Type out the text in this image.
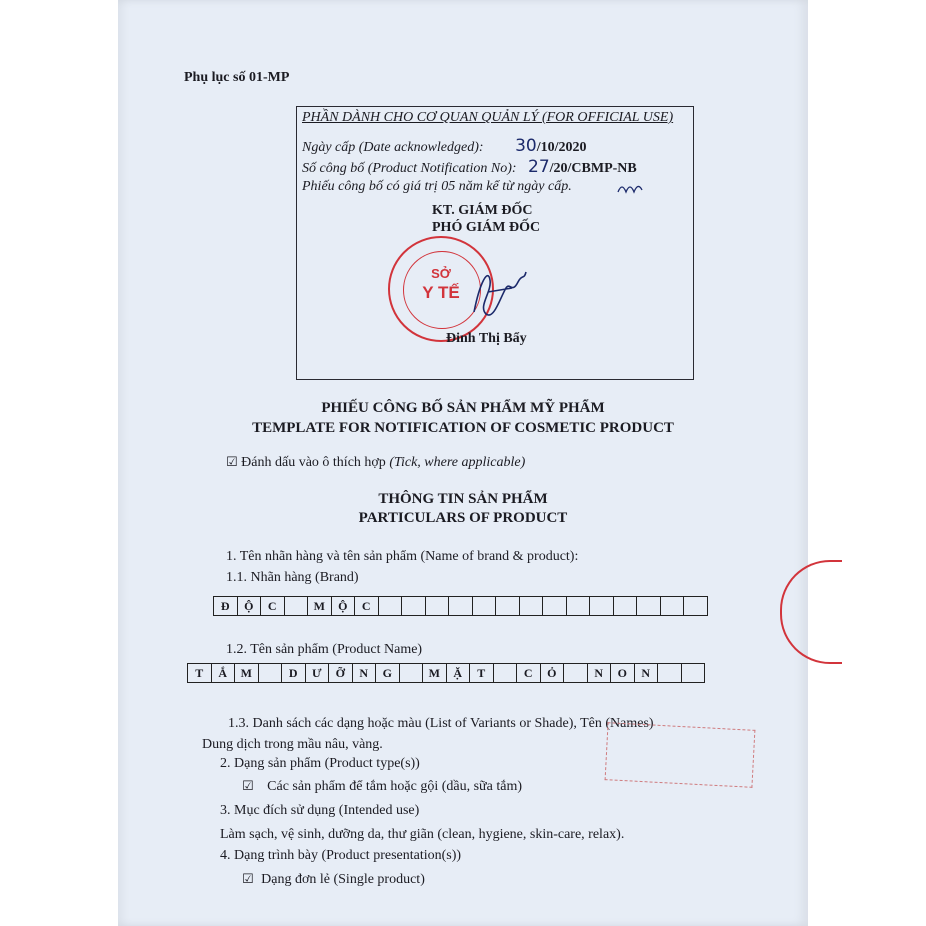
Phụ lục số 01-MP
PHẦN DÀNH CHO CƠ QUAN QUẢN LÝ (FOR OFFICIAL USE)
Ngày cấp (Date acknowledged): 30/10/2020
Số công bố (Product Notification No): 27/20/CBMP-NB
Phiếu công bố có giá trị 05 năm kể từ ngày cấp.
KT. GIÁM ĐỐC
PHÓ GIÁM ĐỐC
SỞ
Y TẾ
Đinh Thị Bẩy
PHIẾU CÔNG BỐ SẢN PHẨM MỸ PHẨM
TEMPLATE FOR NOTIFICATION OF COSMETIC PRODUCT
☑ Đánh dấu vào ô thích hợp (Tick, where applicable)
THÔNG TIN SẢN PHẨM
PARTICULARS OF PRODUCT
1. Tên nhãn hàng và tên sản phẩm (Name of brand & product):
1.1. Nhãn hàng (Brand)
Đ	Ộ	C	M	Ộ	C
1.2. Tên sản phẩm (Product Name)
T	Ắ	M	D	Ư	Ỡ	N	G	M	Ặ	T	C	Ỏ	N	O	N
1.3. Danh sách các dạng hoặc màu (List of Variants or Shade), Tên (Names)
Dung dịch trong mầu nâu, vàng.
2. Dạng sản phẩm (Product type(s))
☑ Các sản phẩm để tắm hoặc gội (dầu, sữa tắm)
3. Mục đích sử dụng (Intended use)
Làm sạch, vệ sinh, dưỡng da, thư giãn (clean, hygiene, skin-care, relax).
4. Dạng trình bày (Product presentation(s))
☑ Dạng đơn lẻ (Single product)
